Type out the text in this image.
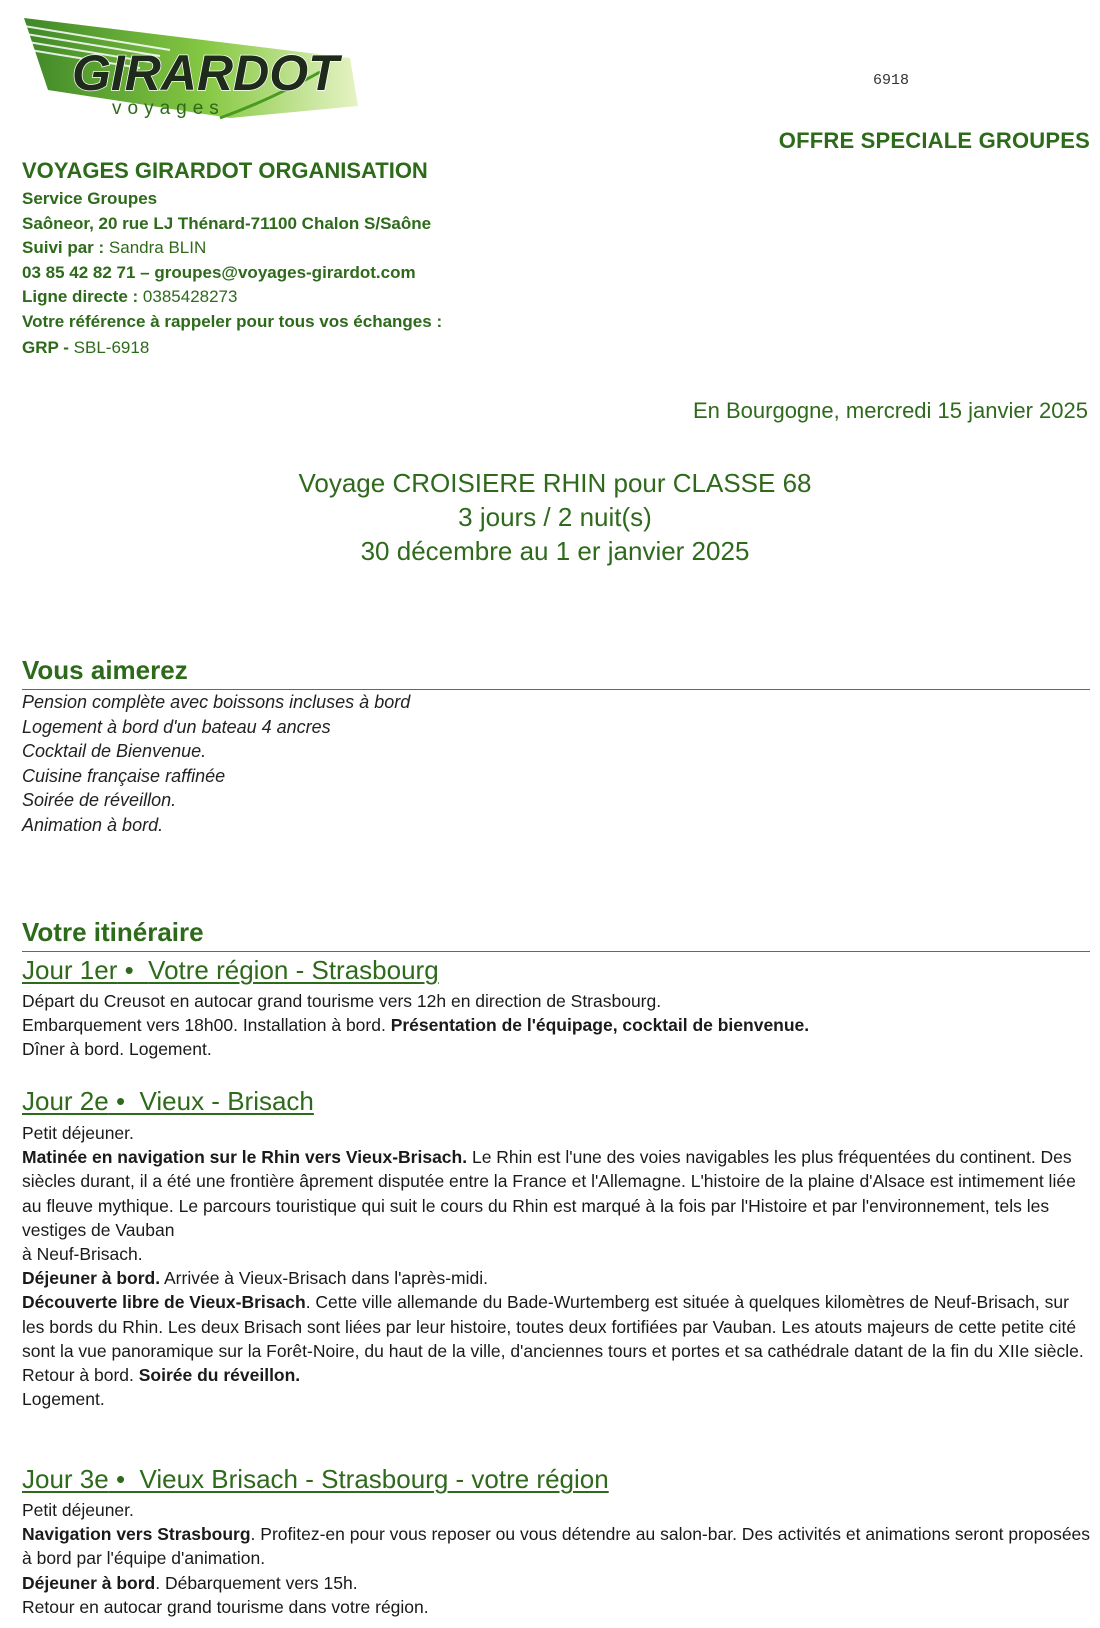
GIRARDOT
voyages
6918
OFFRE SPECIALE GROUPES
VOYAGES GIRARDOT ORGANISATION
Service Groupes
Saôneor, 20 rue LJ Thénard-71100 Chalon S/Saône
Suivi par : Sandra BLIN
03 85 42 82 71 – groupes@voyages-girardot.com
Ligne directe : 0385428273
Votre référence à rappeler pour tous vos échanges :
GRP - SBL-6918
En Bourgogne, mercredi 15 janvier 2025
Voyage CROISIERE RHIN pour CLASSE 68
3 jours / 2 nuit(s)
30 décembre au 1 er janvier 2025
Vous aimerez
Pension complète avec boissons incluses à bord
Logement à bord d'un bateau 4 ancres
Cocktail de Bienvenue.
Cuisine française raffinée
Soirée de réveillon.
Animation à bord.
Votre itinéraire
Jour 1er •  Votre région - Strasbourg

Départ du Creusot en autocar grand tourisme vers 12h en direction de Strasbourg.

Embarquement vers 18h00. Installation à bord. Présentation de l'équipage, cocktail de bienvenue.

Dîner à bord. Logement.

Jour 2e •  Vieux - Brisach

Petit déjeuner.

Matinée en navigation sur le Rhin vers Vieux-Brisach. Le Rhin est l'une des voies navigables les plus fréquentées du continent. Des siècles durant, il a été une frontière âprement disputée entre la France et l'Allemagne. L'histoire de la plaine d'Alsace est intimement liée au fleuve mythique. Le parcours touristique qui suit le cours du Rhin est marqué à la fois par l'Histoire et par l'environnement, tels les vestiges de Vauban

à Neuf-Brisach.

Déjeuner à bord. Arrivée à Vieux-Brisach dans l'après-midi.

Découverte libre de Vieux-Brisach. Cette ville allemande du Bade-Wurtemberg est située à quelques kilomètres de Neuf-Brisach, sur les bords du Rhin. Les deux Brisach sont liées par leur histoire, toutes deux fortifiées par Vauban. Les atouts majeurs de cette petite cité sont la vue panoramique sur la Forêt-Noire, du haut de la ville, d'anciennes tours et portes et sa cathédrale datant de la fin du XIIe siècle.

Retour à bord. Soirée du réveillon.

Logement.

Jour 3e •  Vieux Brisach - Strasbourg - votre région

Petit déjeuner.

Navigation vers Strasbourg. Profitez-en pour vous reposer ou vous détendre au salon-bar. Des activités et animations seront proposées à bord par l'équipe d'animation.

Déjeuner à bord. Débarquement vers 15h.

Retour en autocar grand tourisme dans votre région.
